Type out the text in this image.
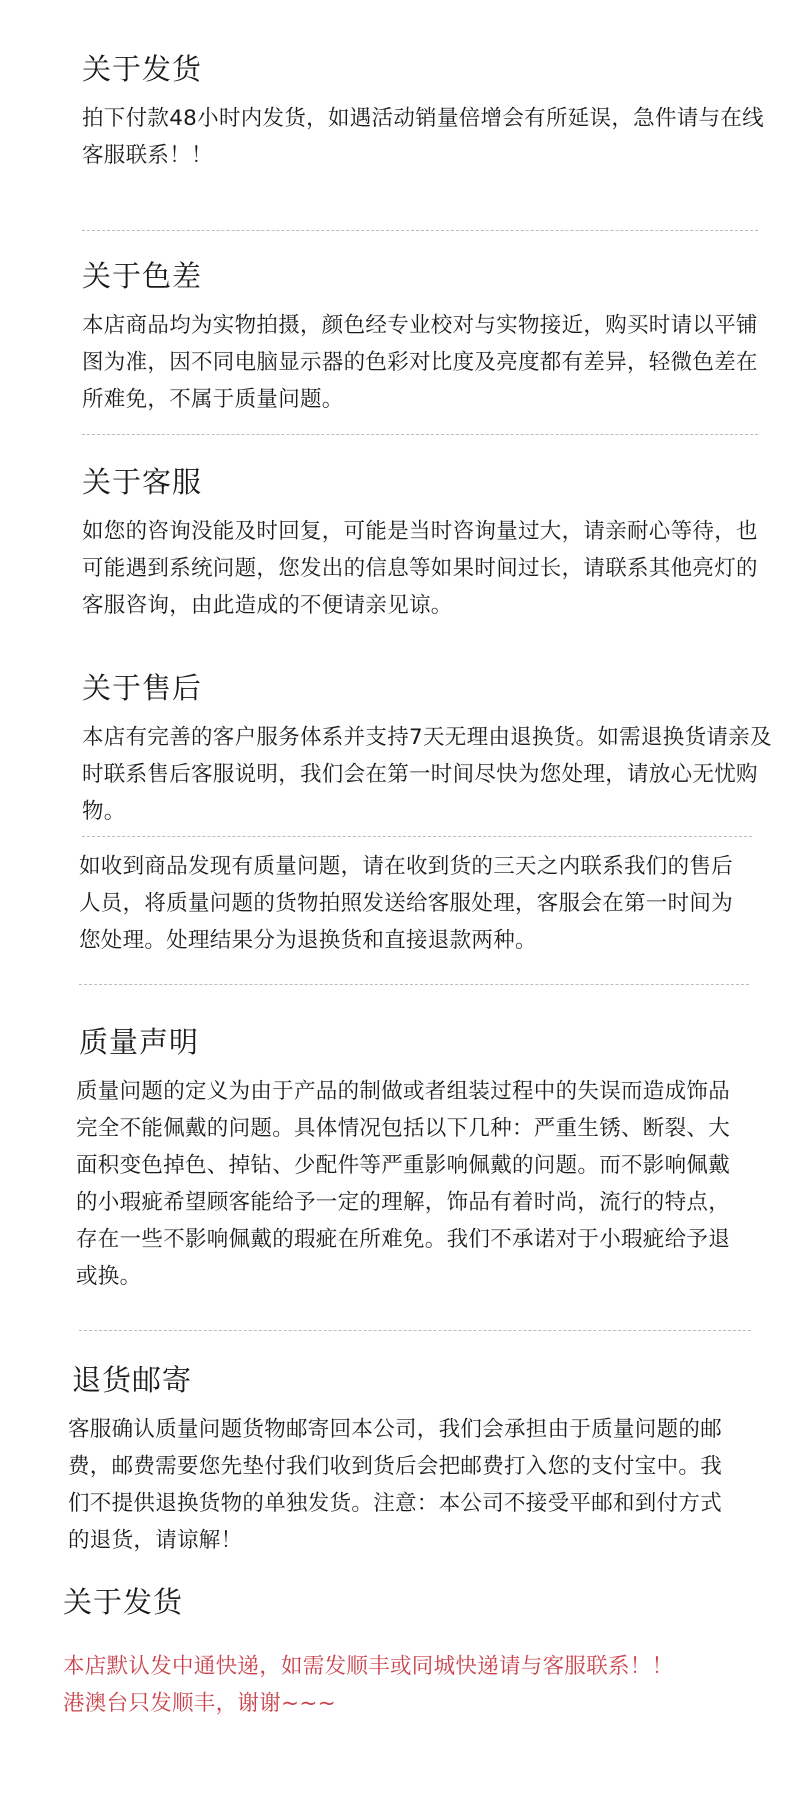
关于发货

拍下付款48小时内发货，如遇活动销量倍增会有所延误，急件请与在线客服联系！！

关于色差

本店商品均为实物拍摄，颜色经专业校对与实物接近，购买时请以平铺图为准，因不同电脑显示器的色彩对比度及亮度都有差异，轻微色差在所难免，不属于质量问题。

关于客服

如您的咨询没能及时回复，可能是当时咨询量过大，请亲耐心等待，也可能遇到系统问题，您发出的信息等如果时间过长，请联系其他亮灯的客服咨询，由此造成的不便请亲见谅。

关于售后

本店有完善的客户服务体系并支持7天无理由退换货。如需退换货请亲及时联系售后客服说明，我们会在第一时间尽快为您处理，请放心无忧购物。

如收到商品发现有质量问题，请在收到货的三天之内联系我们的售后人员，将质量问题的货物拍照发送给客服处理，客服会在第一时间为您处理。处理结果分为退换货和直接退款两种。

质量声明

质量问题的定义为由于产品的制做或者组装过程中的失误而造成饰品完全不能佩戴的问题。具体情况包括以下几种：严重生锈、断裂、大面积变色掉色、掉钻、少配件等严重影响佩戴的问题。而不影响佩戴的小瑕疵希望顾客能给予一定的理解，饰品有着时尚，流行的特点，存在一些不影响佩戴的瑕疵在所难免。我们不承诺对于小瑕疵给予退或换。

退货邮寄

客服确认质量问题货物邮寄回本公司，我们会承担由于质量问题的邮费，邮费需要您先垫付我们收到货后会把邮费打入您的支付宝中。我们不提供退换货物的单独发货。注意：本公司不接受平邮和到付方式的退货，请谅解！

关于发货

本店默认发中通快递，如需发顺丰或同城快递请与客服联系！！ 港澳台只发顺丰，谢谢~~~
